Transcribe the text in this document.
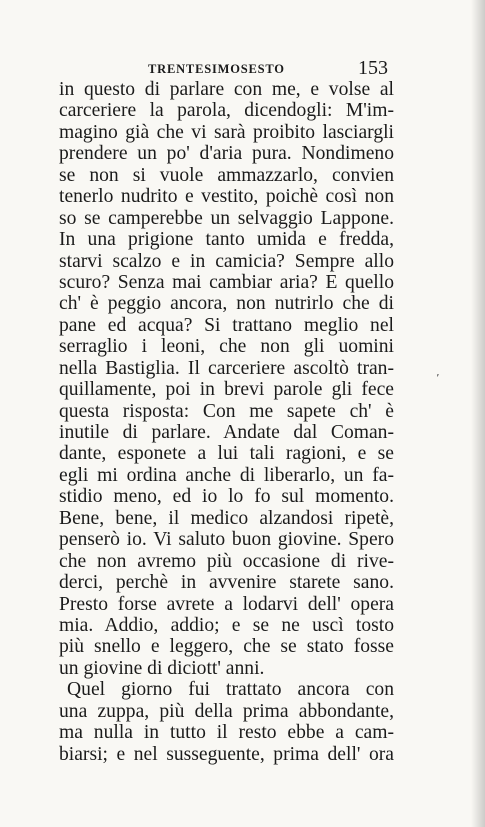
TRENTESIMOSESTO	153
in questo di parlare con me, e volse al
carceriere la parola, dicendogli: M'im-
magino già che vi sarà proibito lasciargli
prendere un po' d'aria pura. Nondimeno
se non si vuole ammazzarlo, convien
tenerlo nudrito e vestito, poichè così non
so se camperebbe un selvaggio Lappone.
In una prigione tanto umida e fredda,
starvi scalzo e in camicia? Sempre allo
scuro? Senza mai cambiar aria? E quello
ch' è peggio ancora, non nutrirlo che di
pane ed acqua? Si trattano meglio nel
serraglio i leoni, che non gli uomini
nella Bastiglia. Il carceriere ascoltò tran-
quillamente, poi in brevi parole gli fece
questa risposta: Con me sapete ch' è
inutile di parlare. Andate dal Coman-
dante, esponete a lui tali ragioni, e se
egli mi ordina anche di liberarlo, un fa-
stidio meno, ed io lo fo sul momento.
Bene, bene, il medico alzandosi ripetè,
penserò io. Vi saluto buon giovine. Spero
che non avremo più occasione di rive-
derci, perchè in avvenire starete sano.
Presto forse avrete a lodarvi dell' opera
mia. Addio, addio; e se ne uscì tosto
più snello e leggero, che se stato fosse
un giovine di diciott' anni.
Quel giorno fui trattato ancora con
una zuppa, più della prima abbondante,
ma nulla in tutto il resto ebbe a cam-
biarsi; e nel susseguente, prima dell' ora
ʼ
